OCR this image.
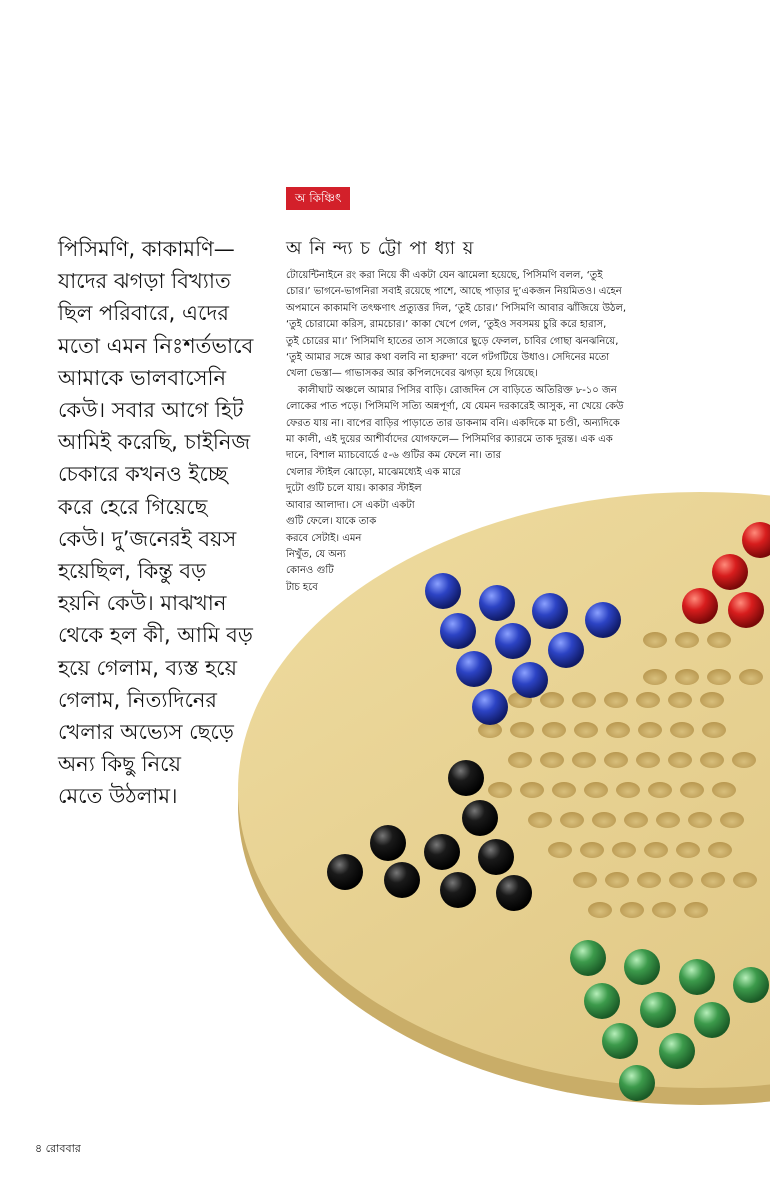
অ কিঞ্চিৎ
অ নি ন্দ্য চ ট্টো পা ধ্যা য়
পিসিমণি, কাকামণি—
যাদের ঝগড়া বিখ্যাত
ছিল পরিবারে, এদের
মতো এমন নিঃশর্তভাবে
আমাকে ভালবাসেনি
কেউ। সবার আগে হিট
আমিই করেছি, চাইনিজ
চেকারে কখনও ইচ্ছে
করে হেরে গিয়েছে
কেউ। দু’জনেরই বয়স
হয়েছিল, কিন্তু বড়
হয়নি কেউ। মাঝখান
থেকে হল কী, আমি বড়
হয়ে গেলাম, ব্যস্ত হয়ে
গেলাম, নিত্যদিনের
খেলার অভ্যেস ছেড়ে
অন্য কিছু নিয়ে
মেতে উঠলাম।
টোয়েন্টিনাইনে রং করা নিয়ে কী একটা যেন ঝামেলা হয়েছে, পিসিমণি বলল, ‘তুই
চোর।’ ভাগনে-ভাগনিরা সবাই রয়েছে পাশে, আছে পাড়ার দু’একজন নিয়মিতও। এহেন
অপমানে কাকামণি তৎক্ষণাৎ প্রত্যুত্তর দিল, ‘তুই চোর।’ পিসিমণি আবার ঝাঁজিয়ে উঠল,
‘তুই চোরামো করিস, রামচোর।’ কাকা খেপে গেল, ‘তুইও সবসময় চুরি করে হারাস,
তুই চোরের মা।’ পিসিমণি হাতের তাস সজোরে ছুড়ে ফেলল, চাবির গোছা ঝনঝনিয়ে,
‘তুই আমার সঙ্গে আর কথা বলবি না হারুদা’ বলে গটগটিয়ে উধাও। সেদিনের মতো
খেলা ভেস্তা— গাভাসকর আর কপিলদেবের ঝগড়া হয়ে গিয়েছে।
কালীঘাট অঞ্চলে আমার পিসির বাড়ি। রোজদিন সে বাড়িতে অতিরিক্ত ৮-১০ জন
লোকের পাত পড়ে। পিসিমণি সত্যি অন্নপূর্ণা, যে যেমন দরকারেই আসুক, না খেয়ে কেউ
ফেরত যায় না। বাপের বাড়ির পাড়াতে তার ডাকনাম বনি। একদিকে মা চণ্ডী, অন্যদিকে
মা কালী, এই দুয়ের আশীর্বাদের যোগফলে— পিসিমণির ক্যারমে তাক দুরন্ত। এক এক
দানে, বিশাল ম্যাচবোর্ডে ৫-৬ গুটির কম ফেলে না। তার
খেলার স্টাইল ঝোড়ো, মাঝেমধ্যেই এক মারে
দুটো গুটি চলে যায়। কাকার স্টাইল
আবার আলাদা। সে একটা একটা
গুটি ফেলে। যাকে তাক
করবে সেটাই। এমন
নিখুঁত, যে অন্য
কোনও গুটি
টাচ হবে
৪ রোববার
